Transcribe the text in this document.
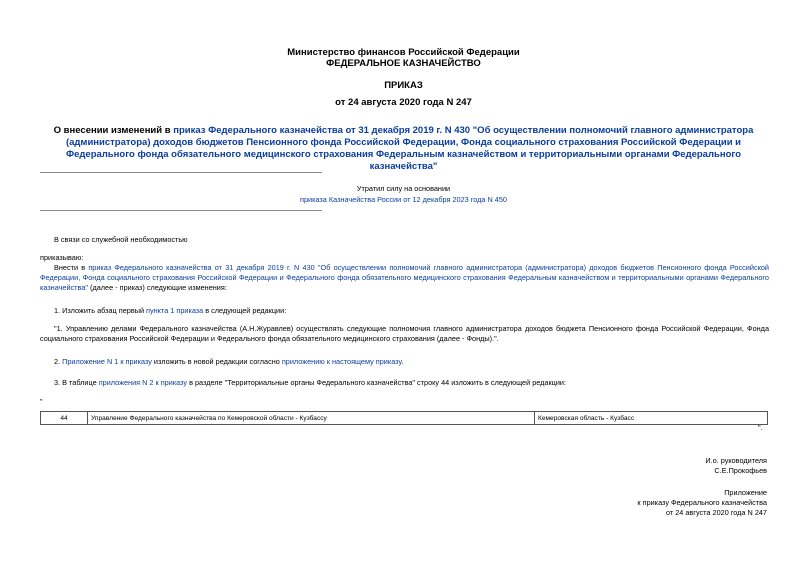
Министерство финансов Российской Федерации
ФЕДЕРАЛЬНОЕ КАЗНАЧЕЙСТВО
ПРИКАЗ
от 24 августа 2020 года N 247
О внесении изменений в приказ Федерального казначейства от 31 декабря 2019 г. N 430 "Об осуществлении полномочий главного администратора (администратора) доходов бюджетов Пенсионного фонда Российской Федерации, Фонда социального страхования Российской Федерации и Федерального фонда обязательного медицинского страхования Федеральным казначейством и территориальными органами Федерального казначейства"
Утратил силу на основании
приказа Казначейства России от 12 декабря 2023 года N 450
В связи со служебной необходимостью
приказываю:
Внести в приказ Федерального казначейства от 31 декабря 2019 г. N 430 "Об осуществлении полномочий главного администратора (администратора) доходов бюджетов Пенсионного фонда Российской Федерации, Фонда социального страхования Российской Федерации и Федерального фонда обязательного медицинского страхования Федеральным казначейством и территориальными органами Федерального казначейства" (далее - приказ) следующие изменения:
1. Изложить абзац первый пункта 1 приказа в следующей редакции:
"1. Управлению делами Федерального казначейства (А.Н.Журавлев) осуществлять следующие полномочия главного администратора доходов бюджета Пенсионного фонда Российской Федерации, Фонда социального страхования Российской Федерации и Федерального фонда обязательного медицинского страхования (далее - Фонды).".
2. Приложение N 1 к приказу изложить в новой редакции согласно приложению к настоящему приказу.
3. В таблице приложения N 2 к приказу в разделе "Территориальные органы Федерального казначейства" строку 44 изложить в следующей редакции:
"
44	Управление Федерального казначейства по Кемеровской области - Кузбассу	Кемеровская область - Кузбасс
".
И.о. руководителя
С.Е.Прокофьев
Приложение
к приказу Федерального казначейства
от 24 августа 2020 года N 247
